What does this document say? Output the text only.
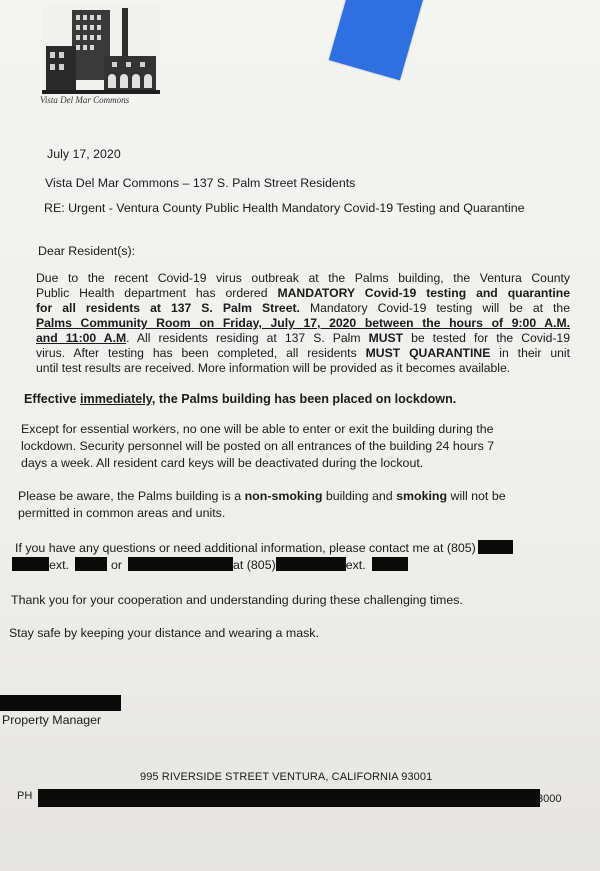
Vista Del Mar Commons
July 17, 2020
Vista Del Mar Commons – 137 S. Palm Street Residents
RE: Urgent - Ventura County Public Health Mandatory Covid-19 Testing and Quarantine
Dear Resident(s):
Due to the recent Covid-19 virus outbreak at the Palms building, the Ventura County
Public Health department has ordered MANDATORY Covid-19 testing and quarantine
for all residents at 137 S. Palm Street. Mandatory Covid-19 testing will be at the
Palms Community Room on Friday, July 17, 2020 between the hours of 9:00 A.M.
and 11:00 A.M. All residents residing at 137 S. Palm MUST be tested for the Covid-19
virus. After testing has been completed, all residents MUST QUARANTINE in their unit
until test results are received. More information will be provided as it becomes available.
Effective immediately, the Palms building has been placed on lockdown.
Except for essential workers, no one will be able to enter or exit the building during the
lockdown. Security personnel will be posted on all entrances of the building 24 hours 7
days a week. All resident card keys will be deactivated during the lockout.
Please be aware, the Palms building is a non-smoking building and smoking will not be
permitted in common areas and units.
If you have any questions or need additional information, please contact me at (805)
ext.	or	at (805)	ext.
Thank you for your cooperation and understanding during these challenging times.
Stay safe by keeping your distance and wearing a mask.
Property Manager
995 RIVERSIDE STREET VENTURA, CALIFORNIA 93001
PH	3000
